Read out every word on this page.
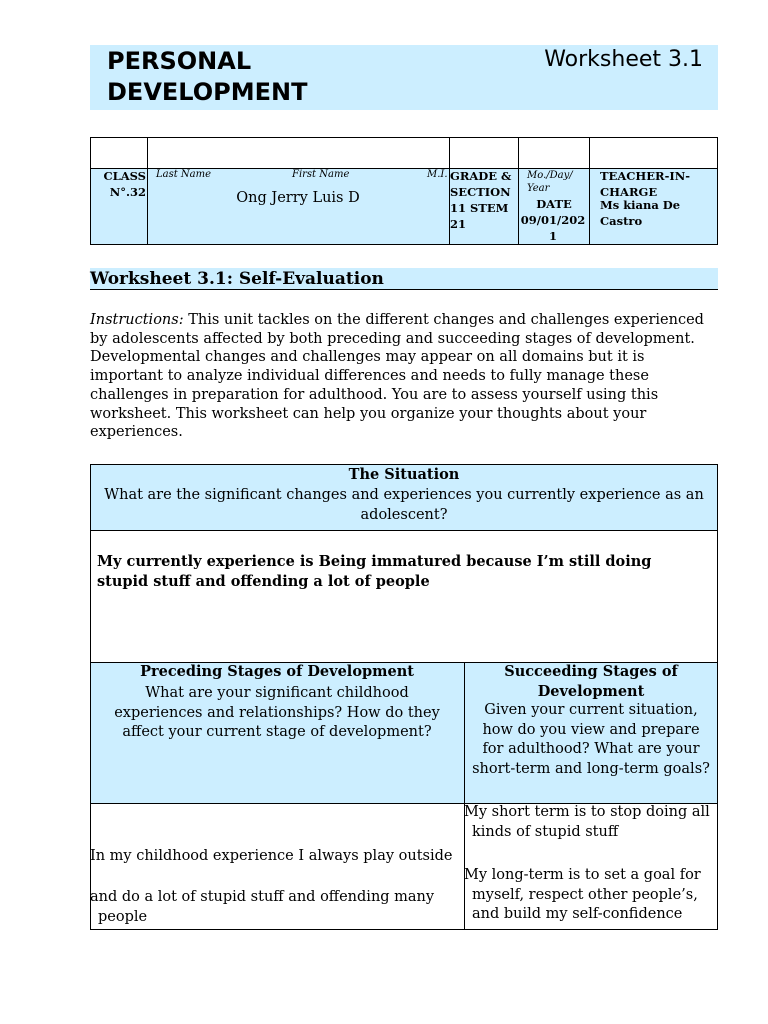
PERSONAL DEVELOPMENT
Worksheet 3.1
CLASS N°.32
Last Name	First Name	M.I.
Ong Jerry Luis D
GRADE & SECTION
11 STEM 21
Mo./Day/ Year
DATE
09/01/2021
TEACHER-IN-CHARGE
Ms kiana De Castro
Worksheet 3.1: Self-Evaluation

Instructions: This unit tackles on the different changes and challenges experienced by adolescents affected by both preceding and succeeding stages of development. Developmental changes and challenges may appear on all domains but it is important to analyze individual differences and needs to fully manage these challenges in preparation for adulthood. You are to assess yourself using this worksheet. This worksheet can help you organize your thoughts about your experiences.

The Situation
What are the significant changes and experiences you currently experience as an adolescent?
My currently experience is Being immatured because I’m still doing stupid stuff and offending a lot of people
Preceding Stages of Development
What are your significant childhood experiences and relationships? How do they affect your current stage of development?
Succeeding Stages of Development
Given your current situation, how do you view and prepare for adulthood? What are your short-term and long-term goals?
In my childhood experience I always play outside
and do a lot of stupid stuff and offending many people
My short term is to stop doing all kinds of stupid stuff
My long-term is to set a goal for myself, respect other people’s, and build my self-confidence
